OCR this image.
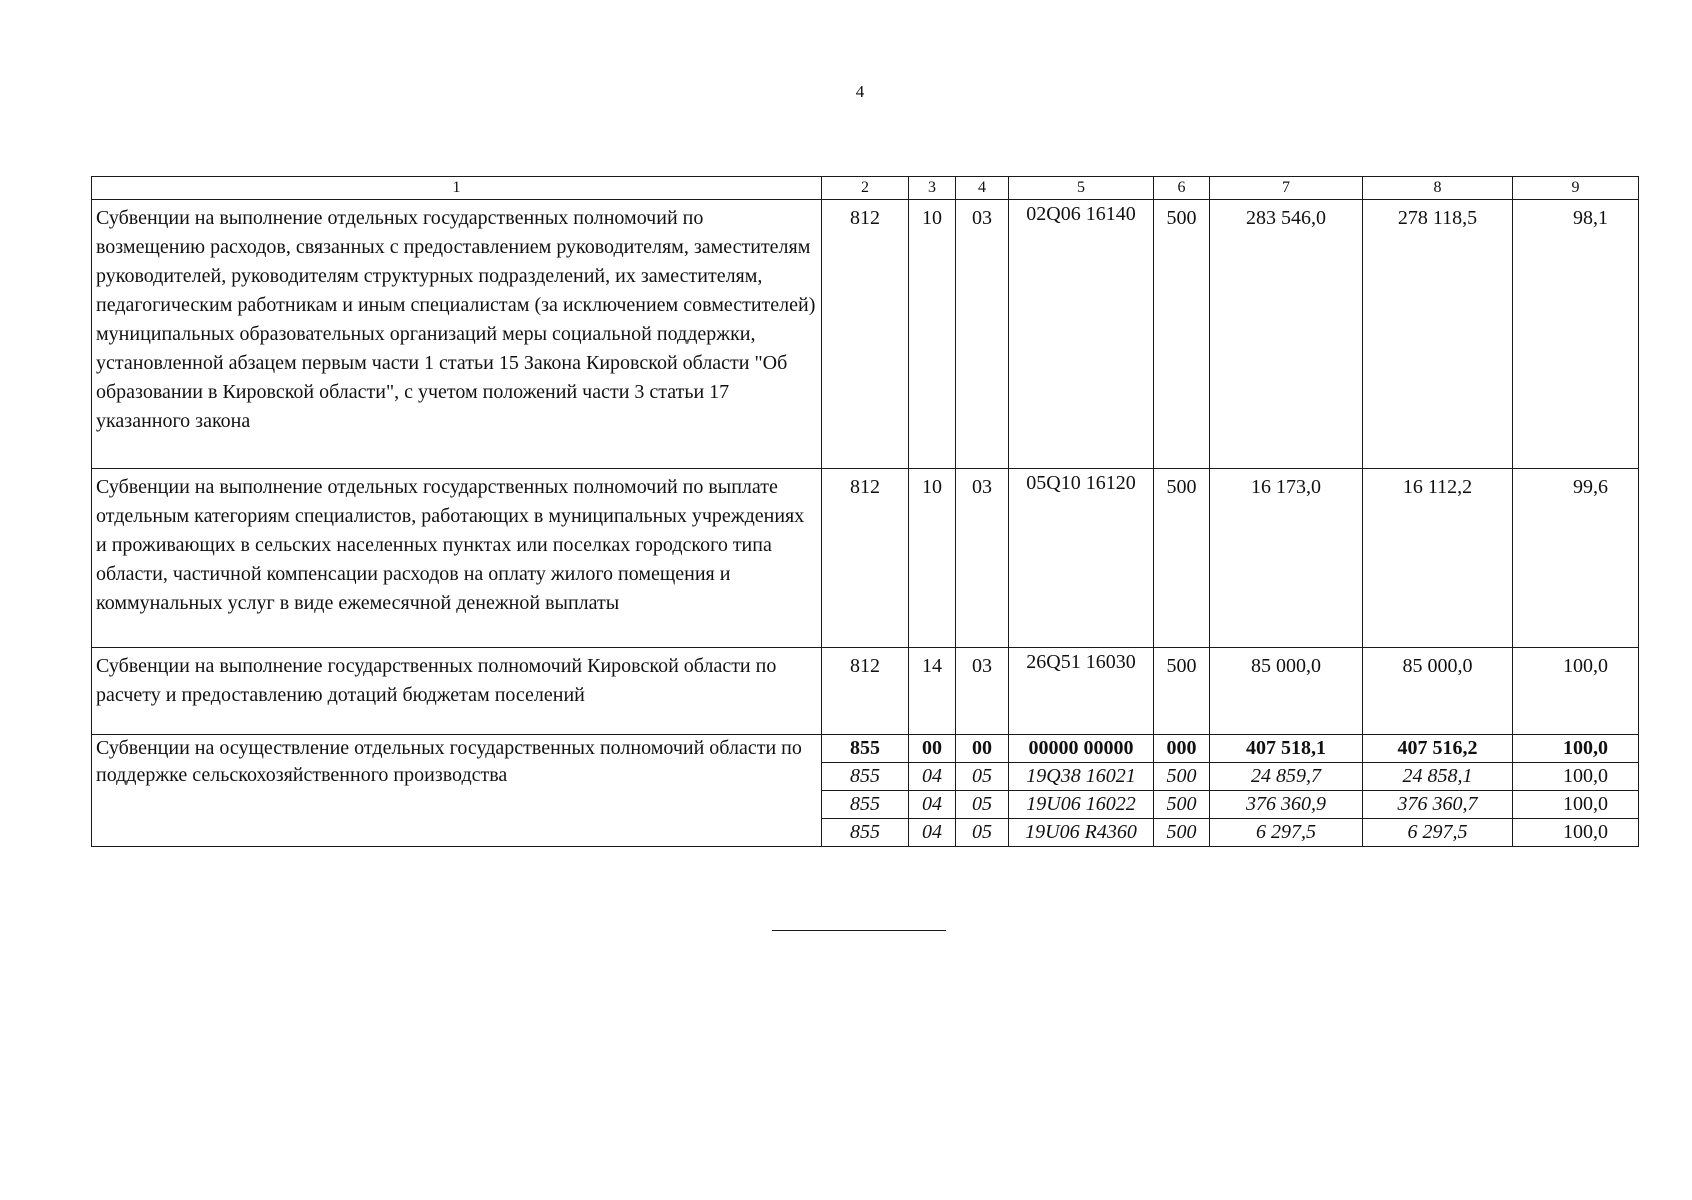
4
1	2	3	4	5	6	7	8	9
Субвенции на выполнение отдельных государственных полномочий по возмещению расходов, связанных с предоставлением руководителям, заместителям руководителей, руководителям структурных подразделений, их заместителям, педагогическим работникам и иным специалистам (за исключением совместителей) муниципальных образовательных организаций меры социальной поддержки, установленной абзацем первым части 1 статьи 15 Закона Кировской области "Об образовании в Кировской области", с учетом положений части 3 статьи 17 указанного закона	812	10	03	02Q06 16140	500	283 546,0	278 118,5	98,1
Субвенции на выполнение отдельных государственных полномочий по выплате отдельным категориям специалистов, работающих в муниципальных учреждениях и проживающих в сельских населенных пунктах или поселках городского типа области, частичной компенсации расходов на оплату жилого помещения и коммунальных услуг в виде ежемесячной денежной выплаты	812	10	03	05Q10 16120	500	16 173,0	16 112,2	99,6
Субвенции на выполнение государственных полномочий Кировской области по расчету и предоставлению дотаций бюджетам поселений	812	14	03	26Q51 16030	500	85 000,0	85 000,0	100,0
Субвенции на осуществление отдельных государственных полномочий области по поддержке сельскохозяйственного производства	855	00	00	00000 00000	000	407 518,1	407 516,2	100,0
	855	04	05	19Q38 16021	500	24 859,7	24 858,1	100,0
	855	04	05	19U06 16022	500	376 360,9	376 360,7	100,0
	855	04	05	19U06 R4360	500	6 297,5	6 297,5	100,0
